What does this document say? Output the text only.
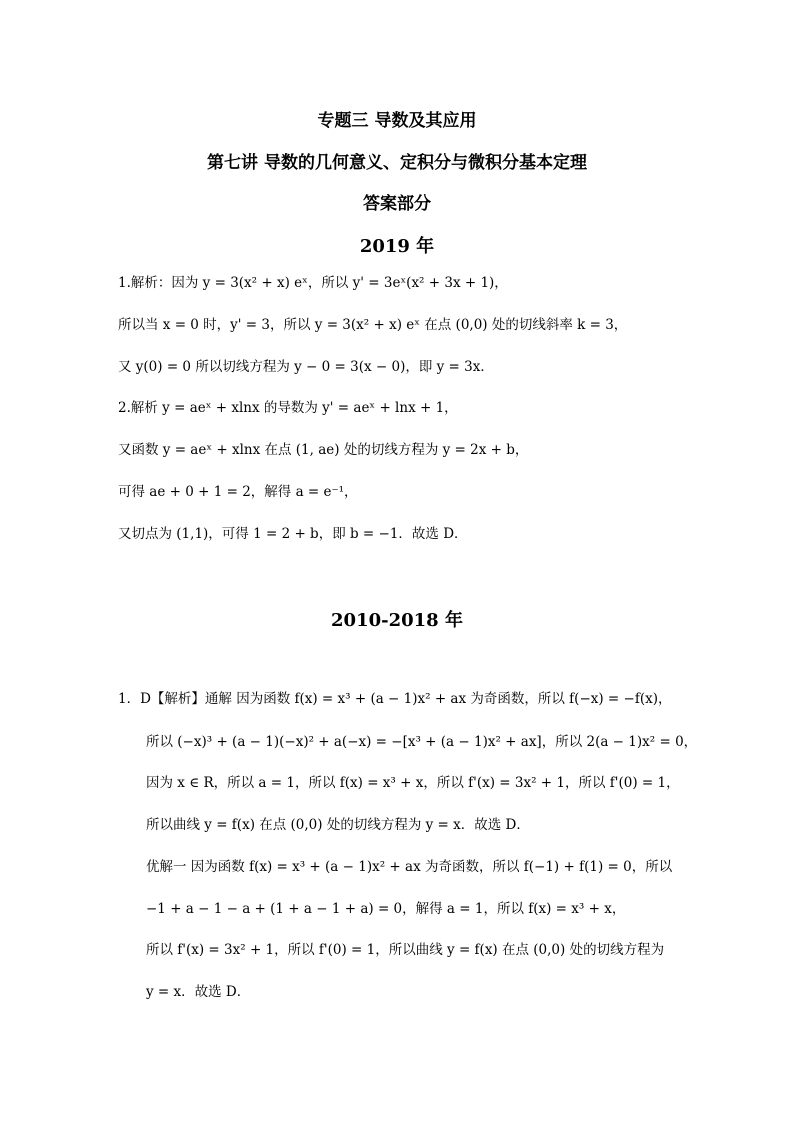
专题三 导数及其应用
第七讲 导数的几何意义、定积分与微积分基本定理
答案部分
2019 年
1.解析：因为 y = 3(x² + x) eˣ，所以 y' = 3eˣ(x² + 3x + 1)，
所以当 x = 0 时，y' = 3，所以 y = 3(x² + x) eˣ 在点 (0,0) 处的切线斜率 k = 3，
又 y(0) = 0 所以切线方程为 y − 0 = 3(x − 0)，即 y = 3x．
2.解析 y = aeˣ + xlnx 的导数为 y' = aeˣ + lnx + 1，
又函数 y = aeˣ + xlnx 在点 (1, ae) 处的切线方程为 y = 2x + b，
可得 ae + 0 + 1 = 2，解得 a = e⁻¹，
又切点为 (1,1)，可得 1 = 2 + b，即 b = −1．故选 D．
2010-2018 年
1．D【解析】通解 因为函数 f(x) = x³ + (a − 1)x² + ax 为奇函数，所以 f(−x) = −f(x)，
所以 (−x)³ + (a − 1)(−x)² + a(−x) = −[x³ + (a − 1)x² + ax]，所以 2(a − 1)x² = 0，
因为 x ∈ R，所以 a = 1，所以 f(x) = x³ + x，所以 f'(x) = 3x² + 1，所以 f'(0) = 1，
所以曲线 y = f(x) 在点 (0,0) 处的切线方程为 y = x．故选 D．
优解一 因为函数 f(x) = x³ + (a − 1)x² + ax 为奇函数，所以 f(−1) + f(1) = 0，所以
−1 + a − 1 − a + (1 + a − 1 + a) = 0，解得 a = 1，所以 f(x) = x³ + x，
所以 f'(x) = 3x² + 1，所以 f'(0) = 1，所以曲线 y = f(x) 在点 (0,0) 处的切线方程为
y = x．故选 D．
